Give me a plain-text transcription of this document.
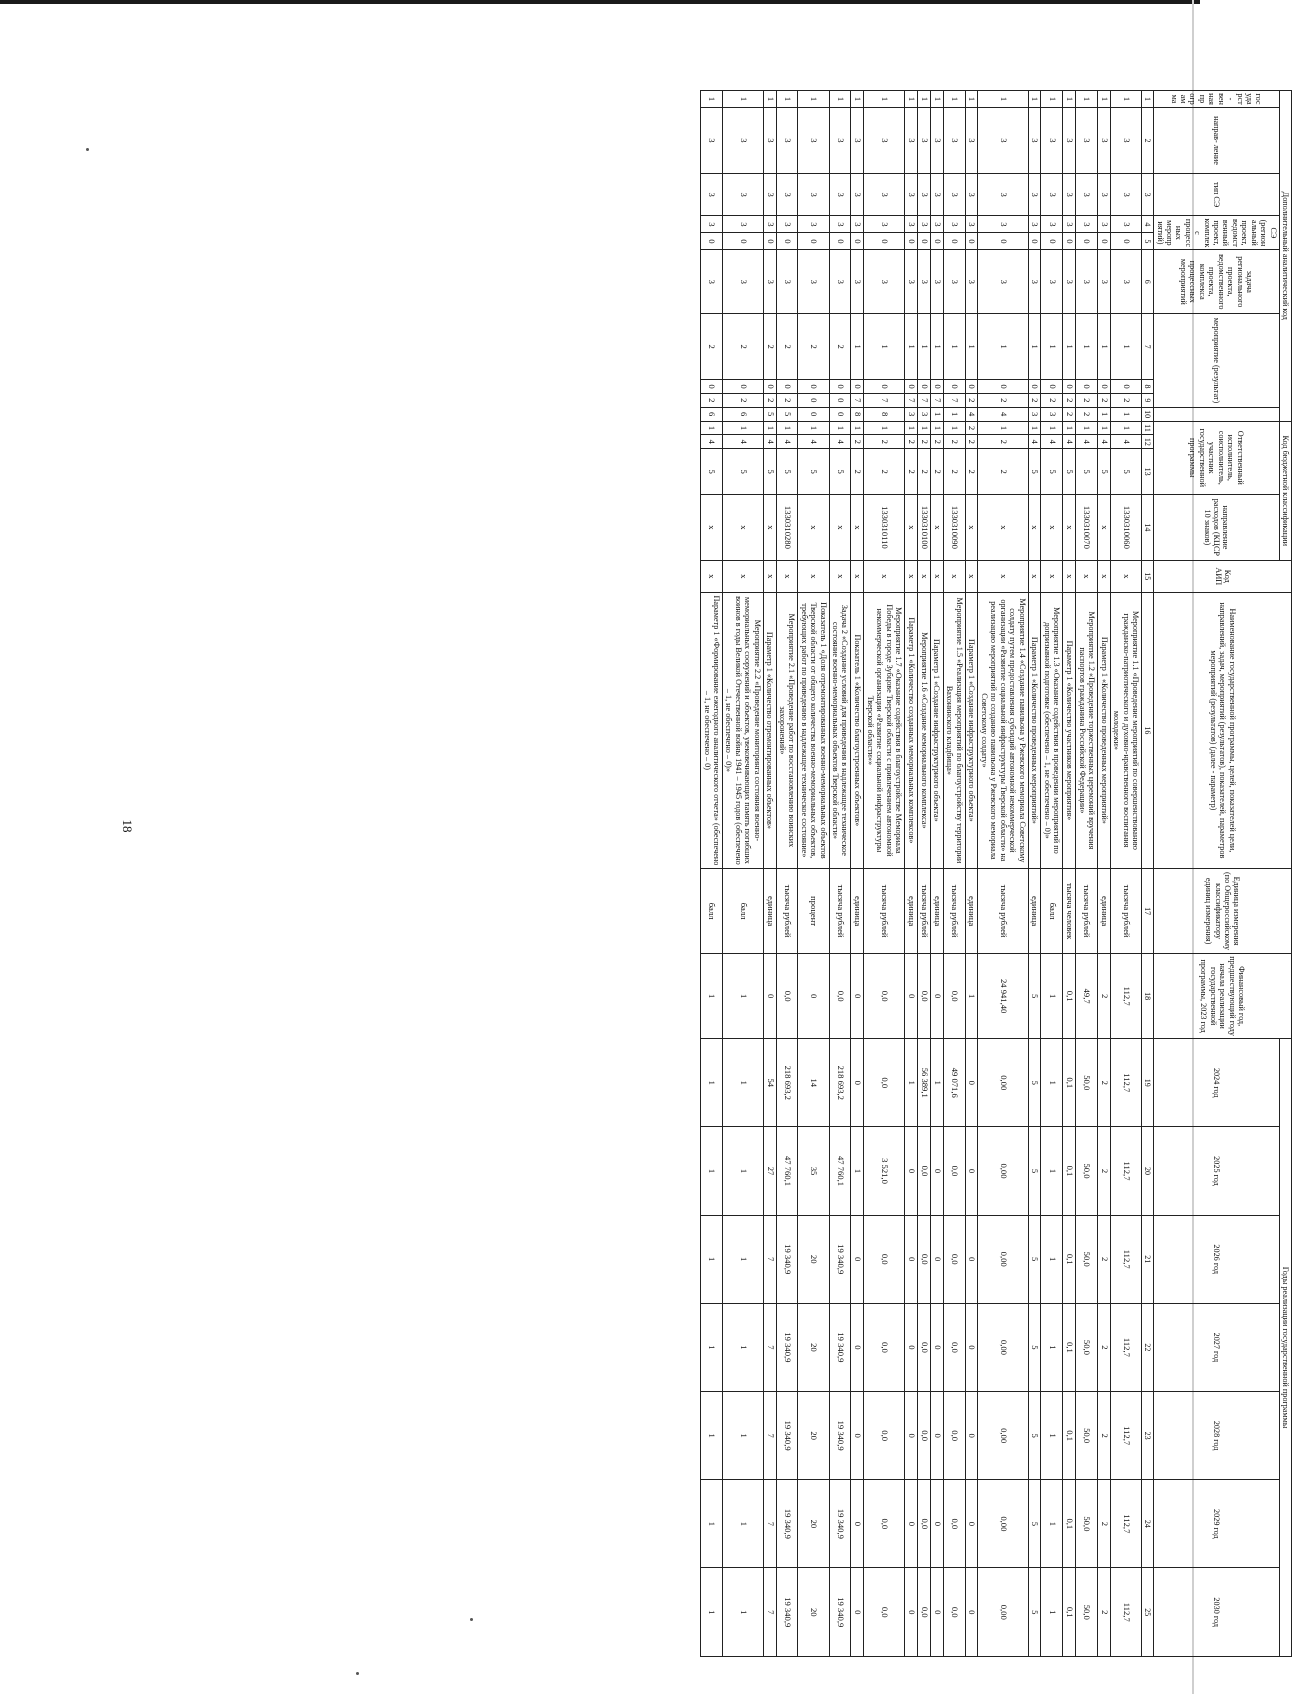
18
Дополнительный аналитический код										Код бюджетной классификации				Код АИП	Наименование государственной программы, целей, показателей цели, направлений, задач, мероприятий (результатов), показателей, параметров мероприятий (результатов) (далее - параметр)	Единица измерения (по Общероссийскому классификатору единиц измерения)	Финансовый год, предшествующий году начала реализации государственной программы, 2023 год	Годы реализации государственной программы						
государст- венная программа	направ- ление	тип СЭ	СЭ (региональный проект, ведомственный проект, комплекс процессных мероприятий)		задача регионального проекта, ведомственного проекта, комплекса процессных мероприятий	мероприятие (результат)				Ответственный исполнитель, соисполнитель, участник государственной программы			направление расходов (КЦСР 10 знаков)					2024 год	2025 год	2026 год	2027 год	2028 год	2029 год	2030 год
1	2	3	4	5	6	7	8	9	10	11	12	13	14	15	16	17	18	19	20	21	22	23	24	25
1	3	3	3	0	3	1	0	2	1	1	4	5	1330310060	x	Мероприятие 1.1 «Проведение мероприятий по совершенствованию гражданско-патриотического и духовно-нравственного воспитания молодежи»	тысяча рублей	112,7	112,7	112,7	112,7	112,7	112,7	112,7	112,7
1	3	3	3	0	3	1	0	2	1	1	4	5	x	x	Параметр 1 «Количество проведенных мероприятий»	единица	2	2	2	2	2	2	2	2
1	3	3	3	0	3	1	0	2	2	1	4	5	1330310070	x	Мероприятие 1.2 «Проведение торжественных церемоний вручения паспортов гражданина Российской Федерации»	тысяча рублей	49,7	50,0	50,0	50,0	50,0	50,0	50,0	50,0
1	3	3	3	0	3	1	0	2	2	1	4	5	x	x	Параметр 1 «Количество участников мероприятия»	тысяча человек	0,1	0,1	0,1	0,1	0,1	0,1	0,1	0,1
1	3	3	3	0	3	1	0	2	3	1	4	5	x	x	Мероприятие 1.3 «Оказание содействия в проведении мероприятий по допризывной подготовке (обеспечено – 1, не обеспечено – 0)»	балл	1	1	1	1	1	1	1	1
1	3	3	3	0	3	1	0	2	3	1	4	5	x	x	Параметр 1 «Количество проведенных мероприятий»	единица	5	5	5	5	5	5	5	5
1	3	3	3	0	3	1	0	2	4	1	2	2	x	x	Мероприятие 1.4 «Создание павильона у Ржевского мемориала Советскому солдату путем предоставления субсидий автономной некоммерческой организации «Развитие социальной инфраструктуры Тверской области» на реализацию мероприятий по созданию павильона у Ржевского мемориала Советскому солдату»	тысяча рублей	24 941,40	0,00	0,00	0,00	0,00	0,00	0,00	0,00
1	3	3	3	0	3	1	0	2	4	2	2	2	x	x	Параметр 1 «Создание инфраструктурного объекта»	единица	1	0	0	0	0	0	0	0
1	3	3	3	0	3	1	0	7	1	1	2	2	1330310090	x	Мероприятие 1.5 «Реализация мероприятий по благоустройству территории Вахонинского кладбища»	тысяча рублей	0,0	49 071,6	0,0	0,0	0,0	0,0	0,0	0,0
1	3	3	3	0	3	1	0	7	1	1	2	2	x	x	Параметр 1 «Создание инфраструктурного объекта»	единица	0	1	0	0	0	0	0	0
1	3	3	3	0	3	1	0	7	3	1	2	2	1330310100	x	Мероприятие 1.6 «Создание мемориального комплекса»	тысяча рублей	0,0	56 389,1	0,0	0,0	0,0	0,0	0,0	0,0
1	3	3	3	0	3	1	0	7	3	1	2	2	x	x	Параметр 1 «Количество созданных мемориальных комплексов»	единица	0	1	0	0	0	0	0	0
1	3	3	3	0	3	1	0	7	8	1	2	2	1330310110	x	Мероприятие 1.7 «Оказание содействия в благоустройстве Мемориала Победы в городе Зубцове Тверской области с привлечением автономной некоммерческой организации «Развитие социальной инфраструктуры Тверской области»»	тысяча рублей	0,0	0,0	3 521,0	0,0	0,0	0,0	0,0	0,0
1	3	3	3	0	3	1	0	7	8	1	2	2	x	x	Показатель 1 «Количество благоустроенных объектов»	единица	0	0	1	0	0	0	0	0
1	3	3	3	0	3	2	0	0	0	1	4	5	x	x	Задача 2 «Создание условий для приведения в надлежащее техническое состояние военно-мемориальных объектов Тверской области»	тысяча рублей	0,0	218 693,2	47 760,1	19 340,9	19 340,9	19 340,9	19 340,9	19 340,9
1	3	3	3	0	3	2	0	0	0	1	4	5	x	x	Показатель 1 «Доля отремонтированных военно-мемориальных объектов Тверской области от общего количества военно-мемориальных объектов, требующих работ по приведению в надлежащее техническое состояние»	процент	0	14	35	20	20	20	20	20
1	3	3	3	0	3	2	0	2	5	1	4	5	1330310280	x	Мероприятие 2.1 «Проведение работ по восстановлению воинских захоронений»	тысяча рублей	0,0	218 693,2	47 760,1	19 340,9	19 340,9	19 340,9	19 340,9	19 340,9
1	3	3	3	0	3	2	0	2	5	1	4	5	x	x	Параметр 1 «Количество отремонтированных объектов»	единица	0	54	27	7	7	7	7	7
1	3	3	3	0	3	2	0	2	6	1	4	5	x	x	Мероприятие 2.2 «Проведение мониторинга состояния военно-мемориальных сооружений и объектов, увековечивающих память погибших воинов в годы Великой Отечественной войны 1941 – 1945 годов (обеспечено – 1, не обеспечено – 0)»	балл	1	1	1	1	1	1	1	1
1	3	3	3	0	3	2	0	2	6	1	4	5	x	x	Параметр 1 «Формирование ежегодного аналитического отчета» (обеспечено – 1, не обеспечено – 0)	балл	1	1	1	1	1	1	1	1
